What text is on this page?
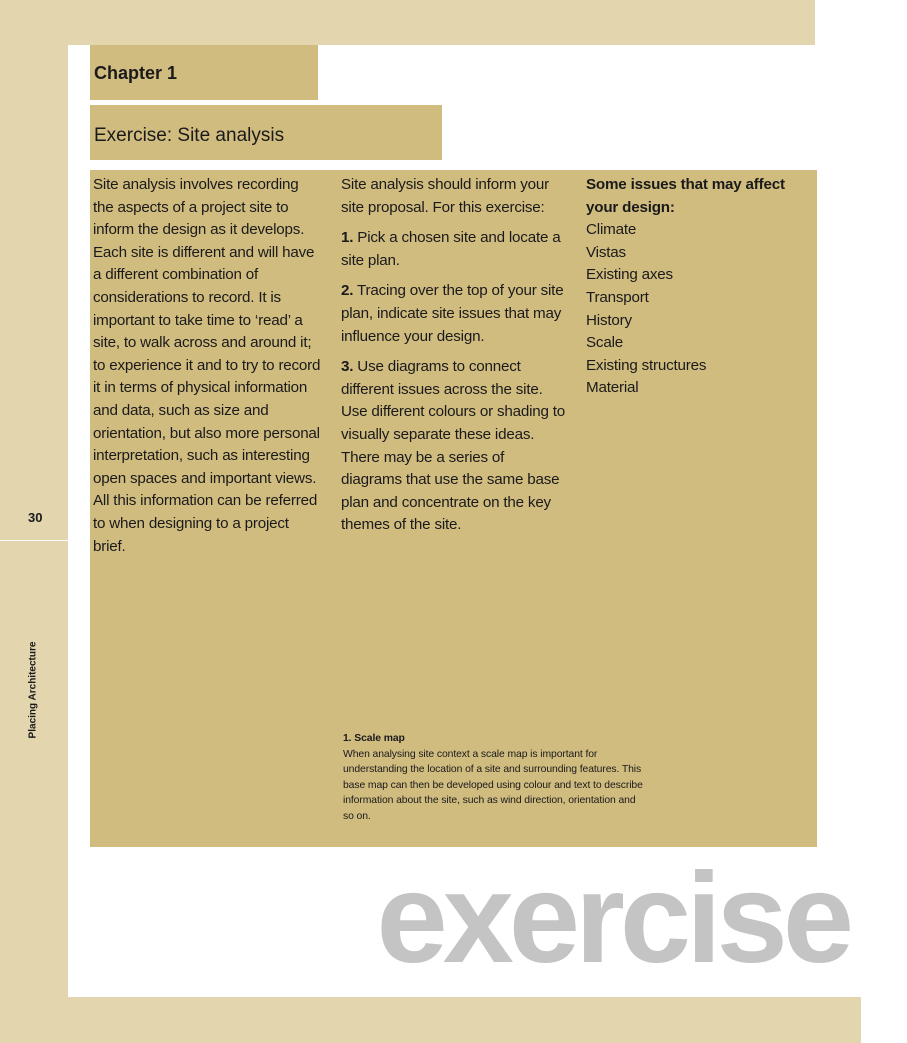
Chapter 1
Exercise: Site analysis

Site analysis involves recording the aspects of a project site to inform the design as it develops. Each site is different and will have a different combination of considerations to record. It is important to take time to ‘read’ a site, to walk across and around it; to experience it and to try to record it in terms of physical information and data, such as size and orientation, but also more personal interpretation, such as interesting open spaces and important views. All this information can be referred to when designing to a project brief.

Site analysis should inform your site proposal. For this exercise:

1. Pick a chosen site and locate a site plan.

2. Tracing over the top of your site plan, indicate site issues that may influence your design.

3. Use diagrams to connect different issues across the site. Use different colours or shading to visually separate these ideas. There may be a series of diagrams that use the same base plan and concentrate on the key themes of the site.

Some issues that may affect your design:
Climate
Vistas
Existing axes
Transport
History
Scale
Existing structures
Material
1. Scale map
When analysing site context a scale map is important for understanding the location of a site and surrounding features. This base map can then be developed using colour and text to describe information about the site, such as wind direction, orientation and so on.
30
Placing Architecture
exercise
